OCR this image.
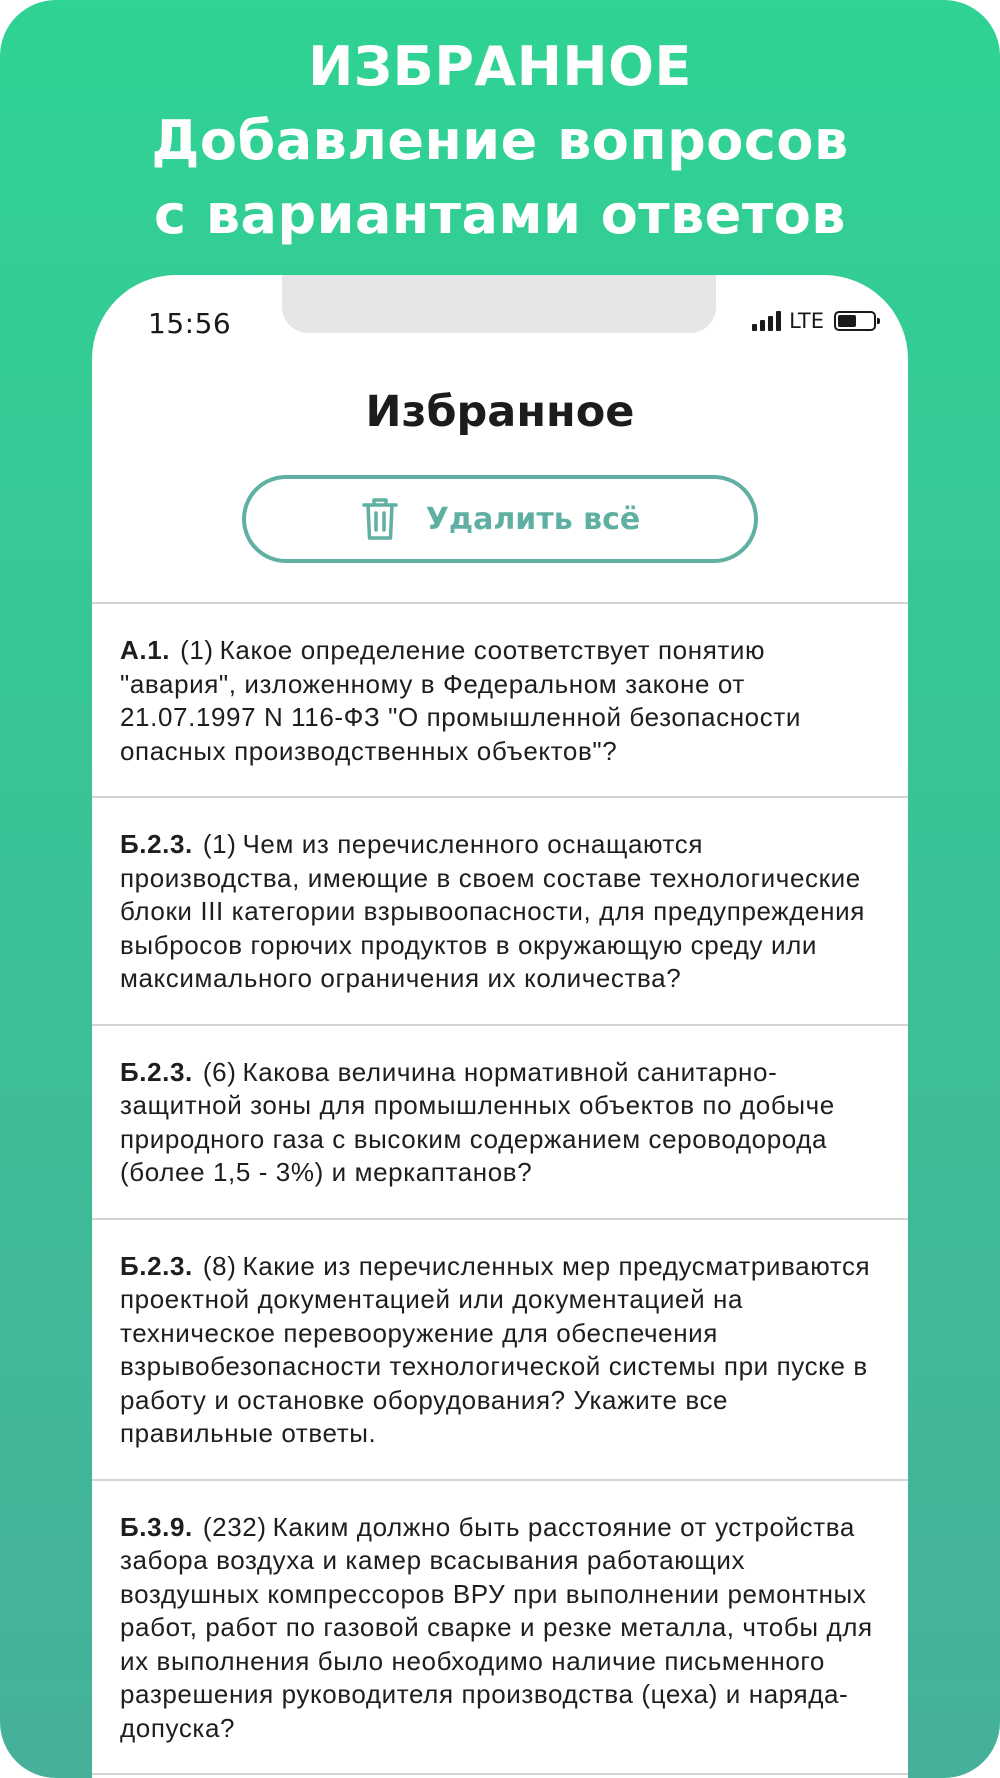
ИЗБРАННОЕ
Добавление вопросов
с вариантами ответов
15:56	LTE
Избранное
Удалить всё
А.1. (1) Какое определение соответствует понятию "авария", изложенному в Федеральном законе от 21.07.1997 N 116-ФЗ "О промышленной безопасности опасных производственных объектов"?
Б.2.3. (1) Чем из перечисленного оснащаются производства, имеющие в своем составе технологические блоки III категории взрывоопасности, для предупреждения выбросов горючих продуктов в окружающую среду или максимального ограничения их количества?
Б.2.3. (6) Какова величина нормативной санитарно-защитной зоны для промышленных объектов по добыче природного газа с высоким содержанием сероводорода (более 1,5 - 3%) и меркаптанов?
Б.2.3. (8) Какие из перечисленных мер предусматриваются проектной документацией или документацией на техническое перевооружение для обеспечения взрывобезопасности технологической системы при пуске в работу и остановке оборудования? Укажите все правильные ответы.
Б.3.9. (232) Каким должно быть расстояние от устройства забора воздуха и камер всасывания работающих воздушных компрессоров ВРУ при выполнении ремонтных работ, работ по газовой сварке и резке металла, чтобы для их выполнения было необходимо наличие письменного разрешения руководителя производства (цеха) и наряда-допуска?
